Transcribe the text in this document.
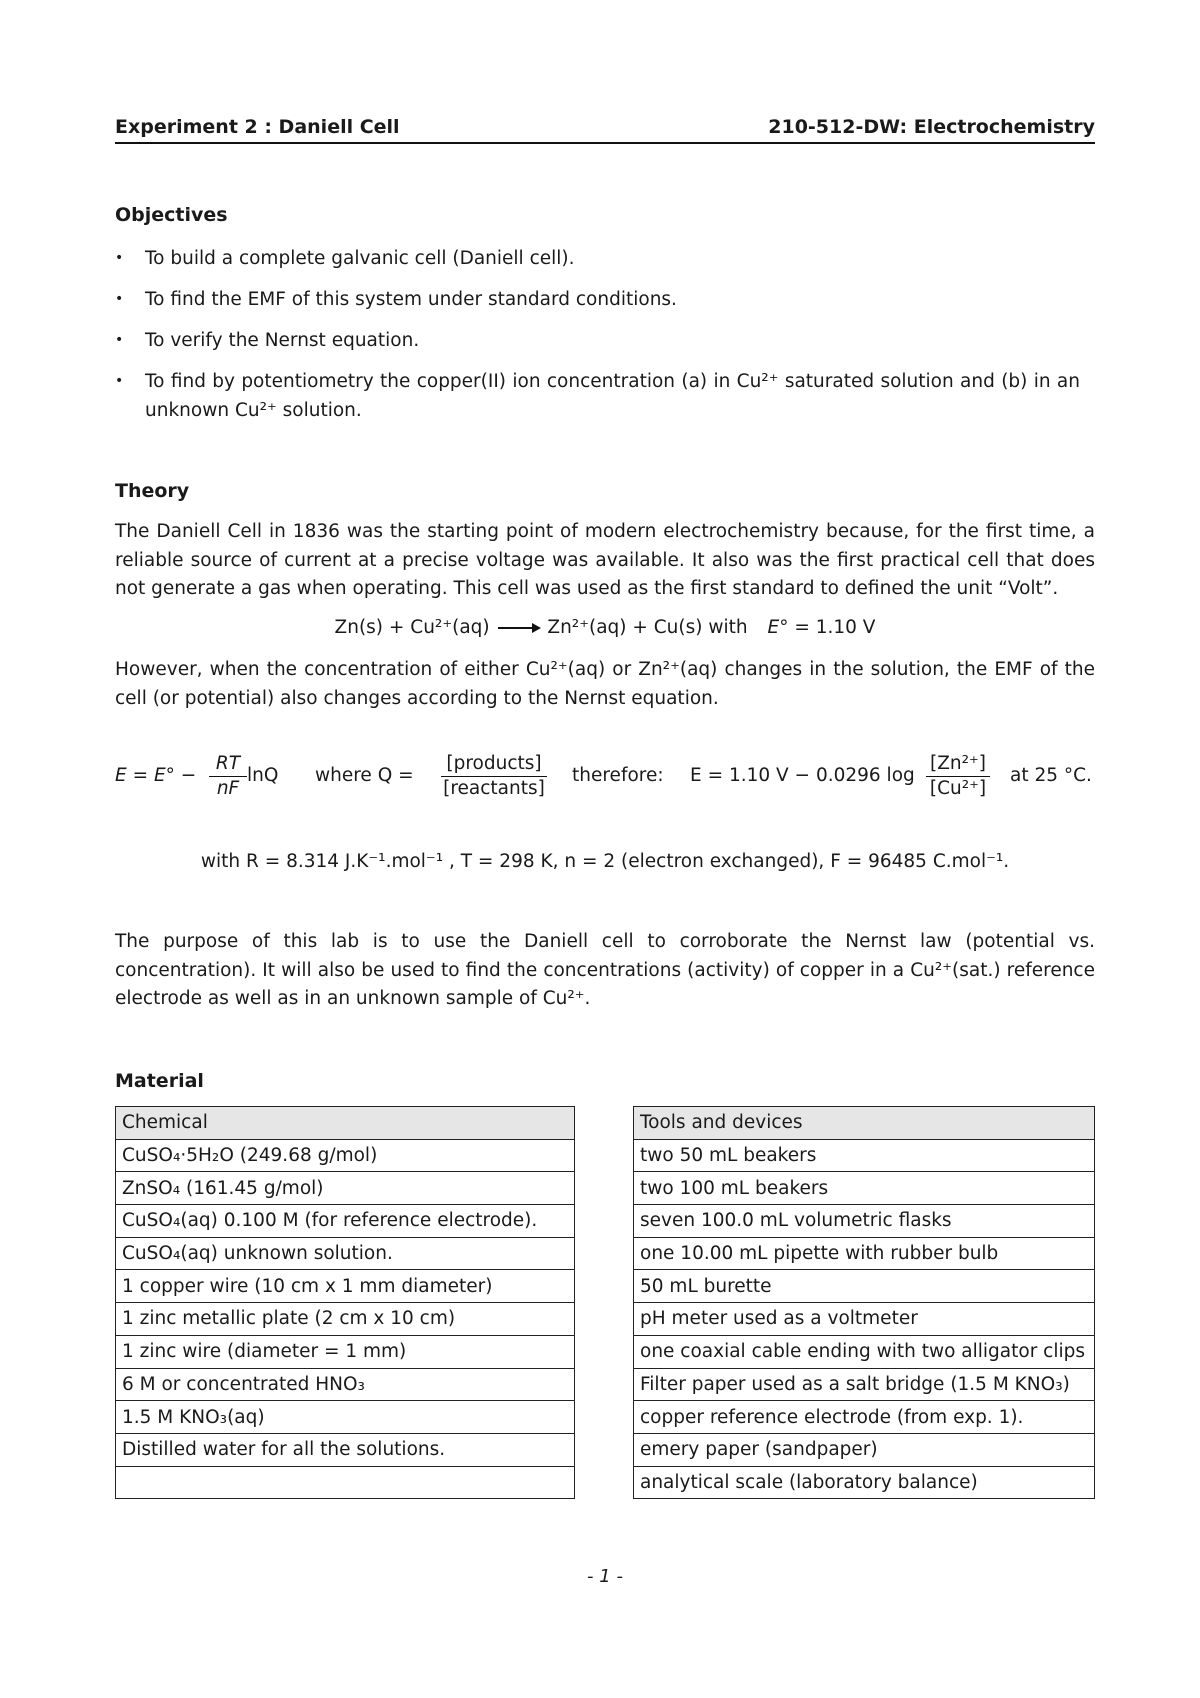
Experiment 2 : Daniell Cell	210-512-DW: Electrochemistry
Objectives
• To build a complete galvanic cell (Daniell cell).
• To find the EMF of this system under standard conditions.
• To verify the Nernst equation.
• To find by potentiometry the copper(II) ion concentration (a) in Cu²⁺ saturated solution and (b) in an unknown Cu²⁺ solution.
Theory

The Daniell Cell in 1836 was the starting point of modern electrochemistry because, for the first time, a reliable source of current at a precise voltage was available. It also was the first practical cell that does not generate a gas when operating. This cell was used as the first standard to defined the unit “Volt”.

Zn(s) + Cu²⁺(aq) → Zn²⁺(aq) + Cu(s) with E° = 1.10 V

However, when the concentration of either Cu²⁺(aq) or Zn²⁺(aq) changes in the solution, the EMF of the cell (or potential) also changes according to the Nernst equation.

$E = E^\circ - \frac{RT}{nF}$ lnQ where Q =
[products]
[reactants]
therefore: E = 1.10 V − 0.0296 $\log \frac{\text{[Zn²⁺]}}{\text{[Cu²⁺]}}$ at 25 °C.
with R = 8.314 J.K⁻¹.mol⁻¹ , T = 298 K, n = 2 (electron exchanged), F = 96485 C.mol⁻¹.

The purpose of this lab is to use the Daniell cell to corroborate the Nernst law (potential vs. concentration). It will also be used to find the concentrations (activity) of copper in a Cu²⁺(sat.) reference electrode as well as in an unknown sample of Cu²⁺.

Material
Chemical
CuSO₄·5H₂O (249.68 g/mol)
ZnSO₄ (161.45 g/mol)
CuSO₄(aq) 0.100 M (for reference electrode).
CuSO₄(aq) unknown solution.
1 copper wire (10 cm x 1 mm diameter)
1 zinc metallic plate (2 cm x 10 cm)
1 zinc wire (diameter = 1 mm)
6 M or concentrated HNO₃
1.5 M KNO₃(aq)
Distilled water for all the solutions.

Tools and devices
two 50 mL beakers
two 100 mL beakers
seven 100.0 mL volumetric flasks
one 10.00 mL pipette with rubber bulb
50 mL burette
pH meter used as a voltmeter
one coaxial cable ending with two alligator clips
Filter paper used as a salt bridge (1.5 M KNO₃)
copper reference electrode (from exp. 1).
emery paper (sandpaper)
analytical scale (laboratory balance)
- 1 -
